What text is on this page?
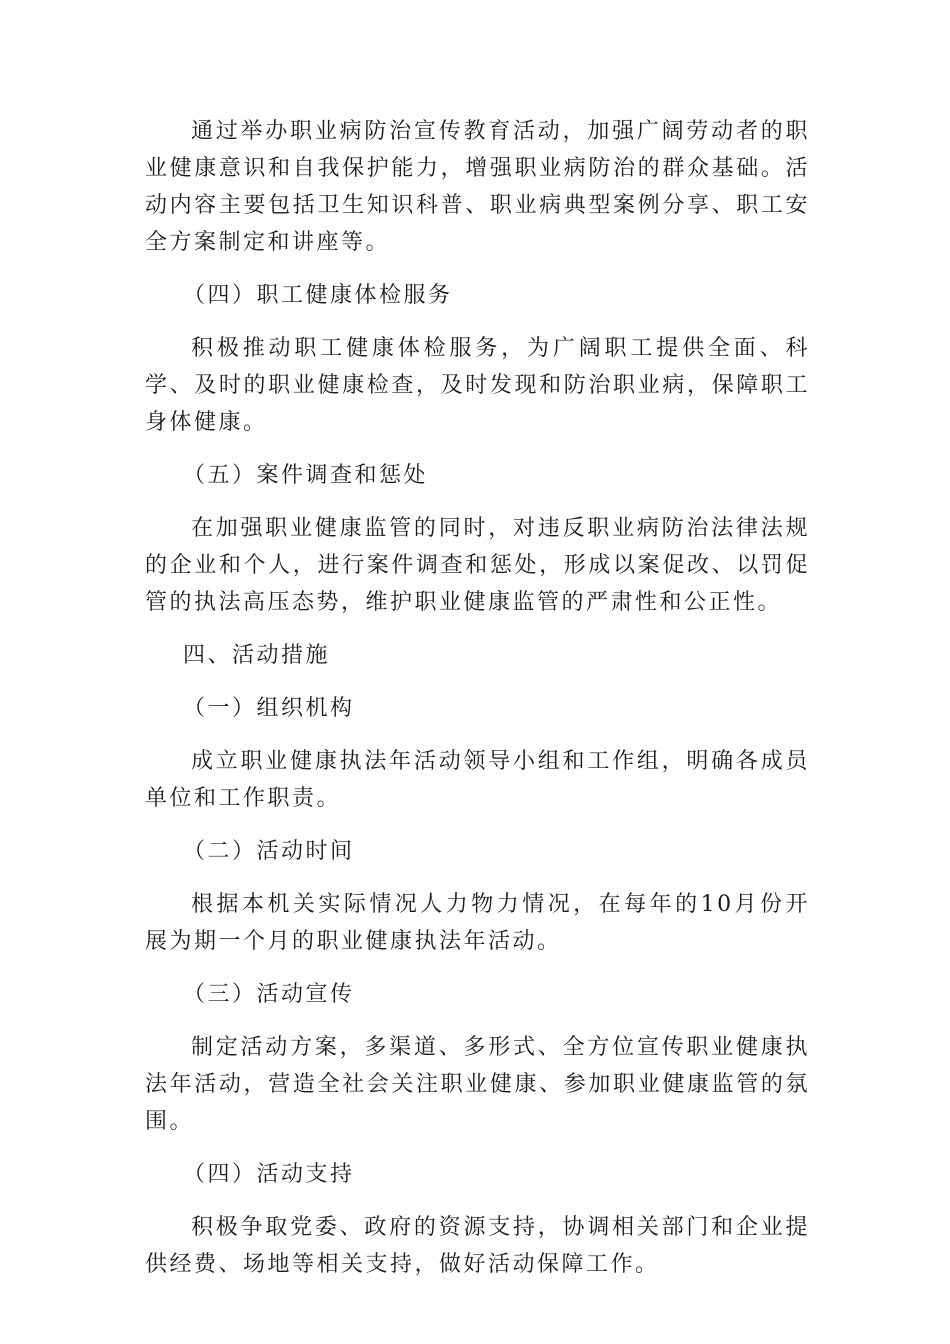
通过举办职业病防治宣传教育活动，加强广阔劳动者的职业健康意识和自我保护能力，增强职业病防治的群众基础。活动内容主要包括卫生知识科普、职业病典型案例分享、职工安全方案制定和讲座等。

（四）职工健康体检服务

积极推动职工健康体检服务，为广阔职工提供全面、科学、及时的职业健康检查，及时发现和防治职业病，保障职工身体健康。

（五）案件调查和惩处

在加强职业健康监管的同时，对违反职业病防治法律法规的企业和个人，进行案件调查和惩处，形成以案促改、以罚促管的执法高压态势，维护职业健康监管的严肃性和公正性。

四、活动措施

（一）组织机构

成立职业健康执法年活动领导小组和工作组，明确各成员单位和工作职责。

（二）活动时间

根据本机关实际情况人力物力情况，在每年的10月份开展为期一个月的职业健康执法年活动。

（三）活动宣传

制定活动方案，多渠道、多形式、全方位宣传职业健康执法年活动，营造全社会关注职业健康、参加职业健康监管的氛围。

（四）活动支持

积极争取党委、政府的资源支持，协调相关部门和企业提供经费、场地等相关支持，做好活动保障工作。
